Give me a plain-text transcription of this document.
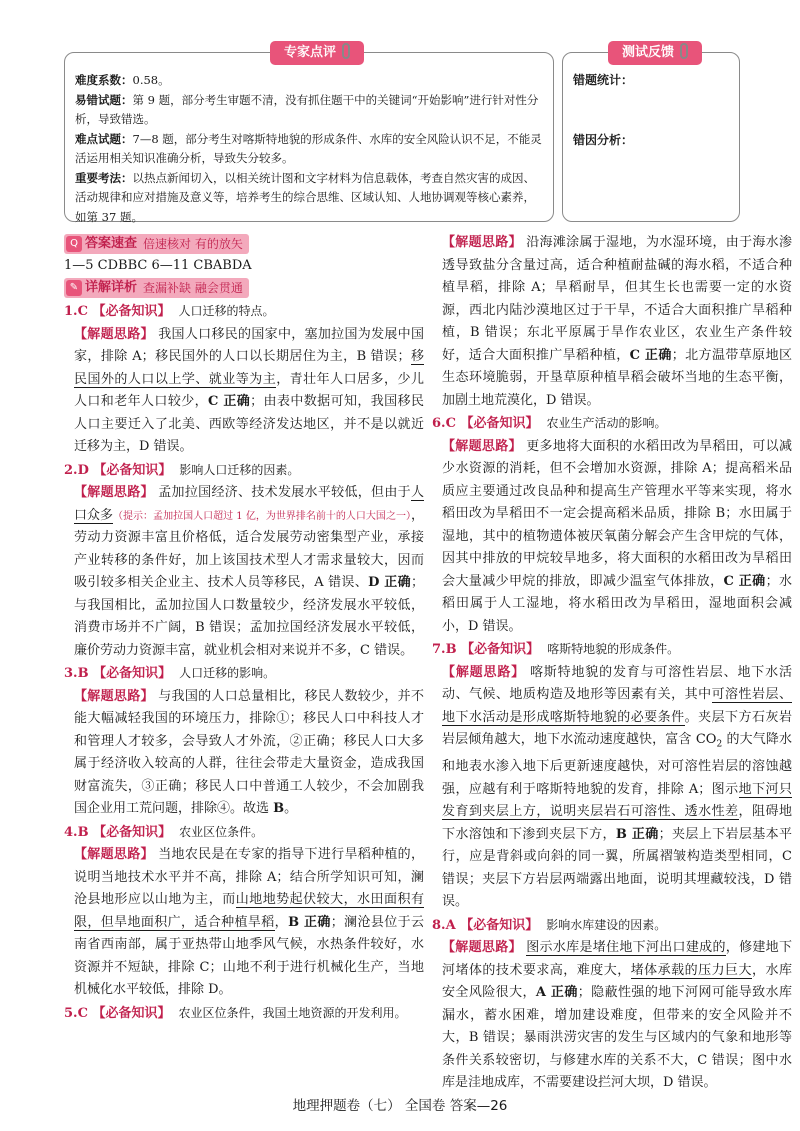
专家点评

难度系数：0.58。

易错试题：第 9 题，部分考生审题不清，没有抓住题干中的关键词“开始影响”进行针对性分析，导致错选。

难点试题：7—8 题，部分考生对喀斯特地貌的形成条件、水库的安全风险认识不足，不能灵活运用相关知识准确分析，导致失分较多。

重要考法：以热点新闻切入，以相关统计图和文字材料为信息载体，考查自然灾害的成因、活动规律和应对措施及意义等，培养考生的综合思维、区域认知、人地协调观等核心素养，如第 37 题。

测试反馈
错题统计：
错因分析：
Q 答案速查 倍速核对 有的放矢
1—5 CDBBC 6—11 CBABDA
✎ 详解详析 查漏补缺 融会贯通
1.C 【必备知识】 人口迁移的特点。
【解题思路】 我国人口移民的国家中，塞加拉国为发展中国家，排除 A；移民国外的人口以长期居住为主，B 错误；移民国外的人口以上学、就业等为主，青壮年人口居多，少儿人口和老年人口较少，C 正确；由表中数据可知，我国移民人口主要迁入了北美、西欧等经济发达地区，并不是以就近迁移为主，D 错误。
2.D 【必备知识】 影响人口迁移的因素。
【解题思路】 孟加拉国经济、技术发展水平较低，但由于人口众多（提示：孟加拉国人口超过 1 亿，为世界排名前十的人口大国之一），劳动力资源丰富且价格低，适合发展劳动密集型产业，承接产业转移的条件好，加上该国技术型人才需求量较大，因而吸引较多相关企业主、技术人员等移民，A 错误、D 正确；与我国相比，孟加拉国人口数量较少，经济发展水平较低，消费市场并不广阔，B 错误；孟加拉国经济发展水平较低，廉价劳动力资源丰富，就业机会相对来说并不多，C 错误。
3.B 【必备知识】 人口迁移的影响。
【解题思路】 与我国的人口总量相比，移民人数较少，并不能大幅减轻我国的环境压力，排除①；移民人口中科技人才和管理人才较多，会导致人才外流，②正确；移民人口大多属于经济收入较高的人群，往往会带走大量资金，造成我国财富流失，③正确；移民人口中普通工人较少，不会加剧我国企业用工荒问题，排除④。故选 B。
4.B 【必备知识】 农业区位条件。
【解题思路】 当地农民是在专家的指导下进行旱稻种植的，说明当地技术水平并不高，排除 A；结合所学知识可知，澜沧县地形应以山地为主，而山地地势起伏较大，水田面积有限，但旱地面积广，适合种植旱稻，B 正确；澜沧县位于云南省西南部，属于亚热带山地季风气候，水热条件较好，水资源并不短缺，排除 C；山地不利于进行机械化生产，当地机械化水平较低，排除 D。
5.C 【必备知识】 农业区位条件，我国土地资源的开发利用。
【解题思路】 沿海滩涂属于湿地，为水湿环境，由于海水渗透导致盐分含量过高，适合种植耐盐碱的海水稻，不适合种植旱稻，排除 A；旱稻耐旱，但其生长也需要一定的水资源，西北内陆沙漠地区过于干旱，不适合大面积推广旱稻种植，B 错误；东北平原属于旱作农业区，农业生产条件较好，适合大面积推广旱稻种植，C 正确；北方温带草原地区生态环境脆弱，开垦草原种植旱稻会破坏当地的生态平衡，加剧土地荒漠化，D 错误。
6.C 【必备知识】 农业生产活动的影响。
【解题思路】 更多地将大面积的水稻田改为旱稻田，可以减少水资源的消耗，但不会增加水资源，排除 A；提高稻米品质应主要通过改良品种和提高生产管理水平等来实现，将水稻田改为旱稻田不一定会提高稻米品质，排除 B；水田属于湿地，其中的植物遗体被厌氧菌分解会产生含甲烷的气体，因其中排放的甲烷较旱地多，将大面积的水稻田改为旱稻田会大量减少甲烷的排放，即减少温室气体排放，C 正确；水稻田属于人工湿地，将水稻田改为旱稻田，湿地面积会减小，D 错误。
7.B 【必备知识】 喀斯特地貌的形成条件。
【解题思路】 喀斯特地貌的发育与可溶性岩层、地下水活动、气候、地质构造及地形等因素有关，其中可溶性岩层、地下水活动是形成喀斯特地貌的必要条件。夹层下方石灰岩岩层倾角越大，地下水流动速度越快，富含 $CO_2$ 的大气降水和地表水渗入地下后更新速度越快，对可溶性岩层的溶蚀越强，应越有利于喀斯特地貌的发育，排除 A；图示地下河只发育到夹层上方，说明夹层岩石可溶性、透水性差，阻碍地下水溶蚀和下渗到夹层下方，B 正确；夹层上下岩层基本平行，应是背斜或向斜的同一翼，所属褶皱构造类型相同，C 错误；夹层下方岩层两端露出地面，说明其埋藏较浅，D 错误。
8.A 【必备知识】 影响水库建设的因素。
【解题思路】 图示水库是堵住地下河出口建成的，修建地下河堵体的技术要求高，难度大，堵体承载的压力巨大，水库安全风险很大，A 正确；隐蔽性强的地下河网可能导致水库漏水，蓄水困难，增加建设难度，但带来的安全风险并不大，B 错误；暴雨洪涝灾害的发生与区域内的气象和地形等条件关系较密切，与修建水库的关系不大，C 错误；图中水库是洼地成库，不需要建设拦河大坝，D 错误。
地理押题卷（七） 全国卷 答案—26
